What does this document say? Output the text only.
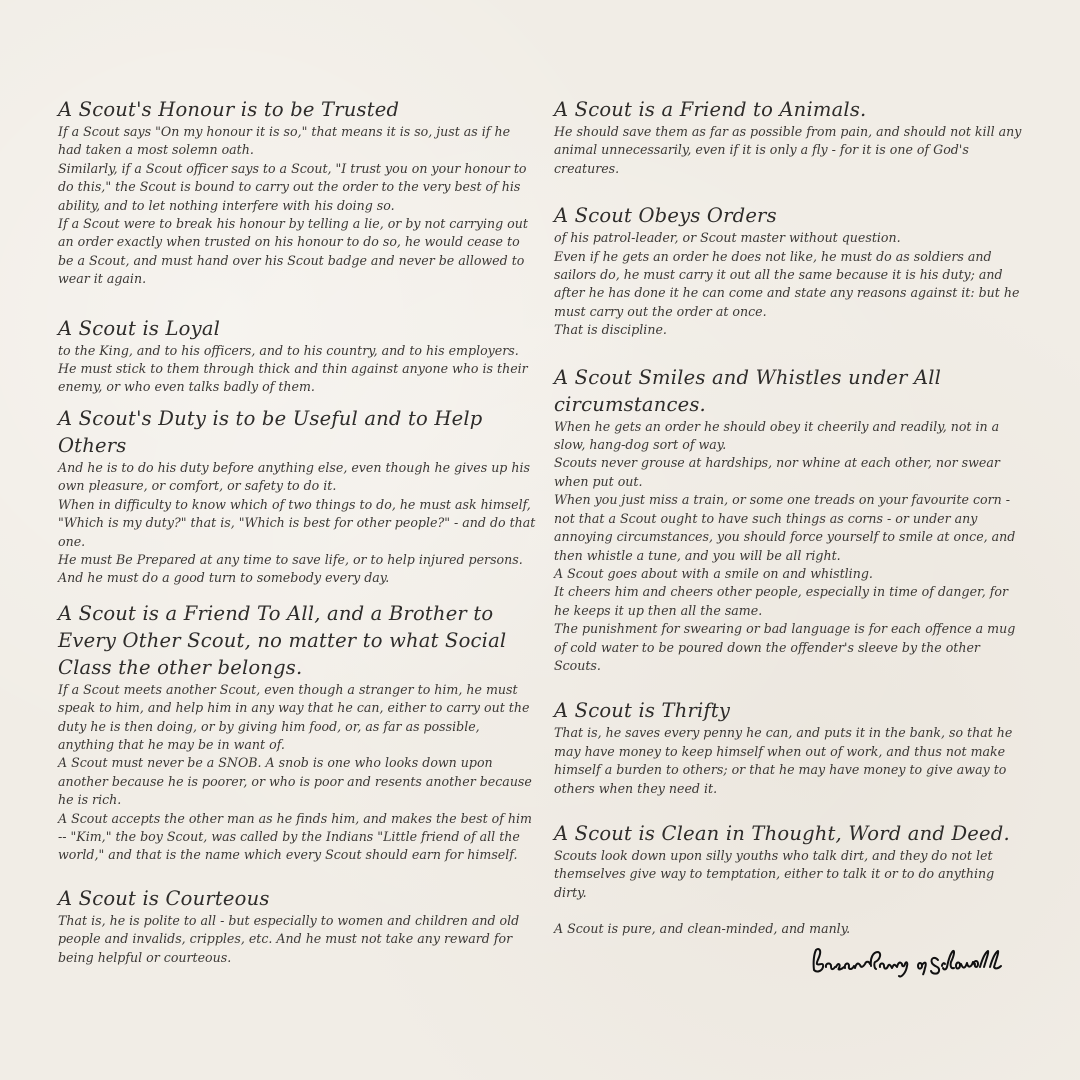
A Scout's Honour is to be Trusted

If a Scout says "On my honour it is so," that means it is so, just as if he had taken a most solemn oath.

Similarly, if a Scout officer says to a Scout, "I trust you on your honour to do this," the Scout is bound to carry out the order to the very best of his ability, and to let nothing interfere with his doing so.

If a Scout were to break his honour by telling a lie, or by not carrying out an order exactly when trusted on his honour to do so, he would cease to be a Scout, and must hand over his Scout badge and never be allowed to wear it again.

A Scout is Loyal

to the King, and to his officers, and to his country, and to his employers. He must stick to them through thick and thin against anyone who is their enemy, or who even talks badly of them.

A Scout's Duty is to be Useful and to Help Others

And he is to do his duty before anything else, even though he gives up his own pleasure, or comfort, or safety to do it.

When in difficulty to know which of two things to do, he must ask himself, "Which is my duty?" that is, "Which is best for other people?" - and do that one.

He must Be Prepared at any time to save life, or to help injured persons. And he must do a good turn to somebody every day.

A Scout is a Friend To All, and a Brother to Every Other Scout, no matter to what Social Class the other belongs.

If a Scout meets another Scout, even though a stranger to him, he must speak to him, and help him in any way that he can, either to carry out the duty he is then doing, or by giving him food, or, as far as possible, anything that he may be in want of.

A Scout must never be a SNOB. A snob is one who looks down upon another because he is poorer, or who is poor and resents another because he is rich.

A Scout accepts the other man as he finds him, and makes the best of him -- "Kim," the boy Scout, was called by the Indians "Little friend of all the world," and that is the name which every Scout should earn for himself.

A Scout is Courteous

That is, he is polite to all - but especially to women and children and old people and invalids, cripples, etc. And he must not take any reward for being helpful or courteous.

A Scout is a Friend to Animals.

He should save them as far as possible from pain, and should not kill any animal unnecessarily, even if it is only a fly - for it is one of God's creatures.

A Scout Obeys Orders

of his patrol-leader, or Scout master without question.

Even if he gets an order he does not like, he must do as soldiers and sailors do, he must carry it out all the same because it is his duty; and after he has done it he can come and state any reasons against it: but he must carry out the order at once.

That is discipline.

A Scout Smiles and Whistles under All circumstances.

When he gets an order he should obey it cheerily and readily, not in a slow, hang-dog sort of way.

Scouts never grouse at hardships, nor whine at each other, nor swear when put out.

When you just miss a train, or some one treads on your favourite corn - not that a Scout ought to have such things as corns - or under any annoying circumstances, you should force yourself to smile at once, and then whistle a tune, and you will be all right.

A Scout goes about with a smile on and whistling.

It cheers him and cheers other people, especially in time of danger, for he keeps it up then all the same.

The punishment for swearing or bad language is for each offence a mug of cold water to be poured down the offender's sleeve by the other Scouts.

A Scout is Thrifty

That is, he saves every penny he can, and puts it in the bank, so that he may have money to keep himself when out of work, and thus not make himself a burden to others; or that he may have money to give away to others when they need it.

A Scout is Clean in Thought, Word and Deed.

Scouts look down upon silly youths who talk dirt, and they do not let themselves give way to temptation, either to talk it or to do anything dirty.

A Scout is pure, and clean-minded, and manly.
